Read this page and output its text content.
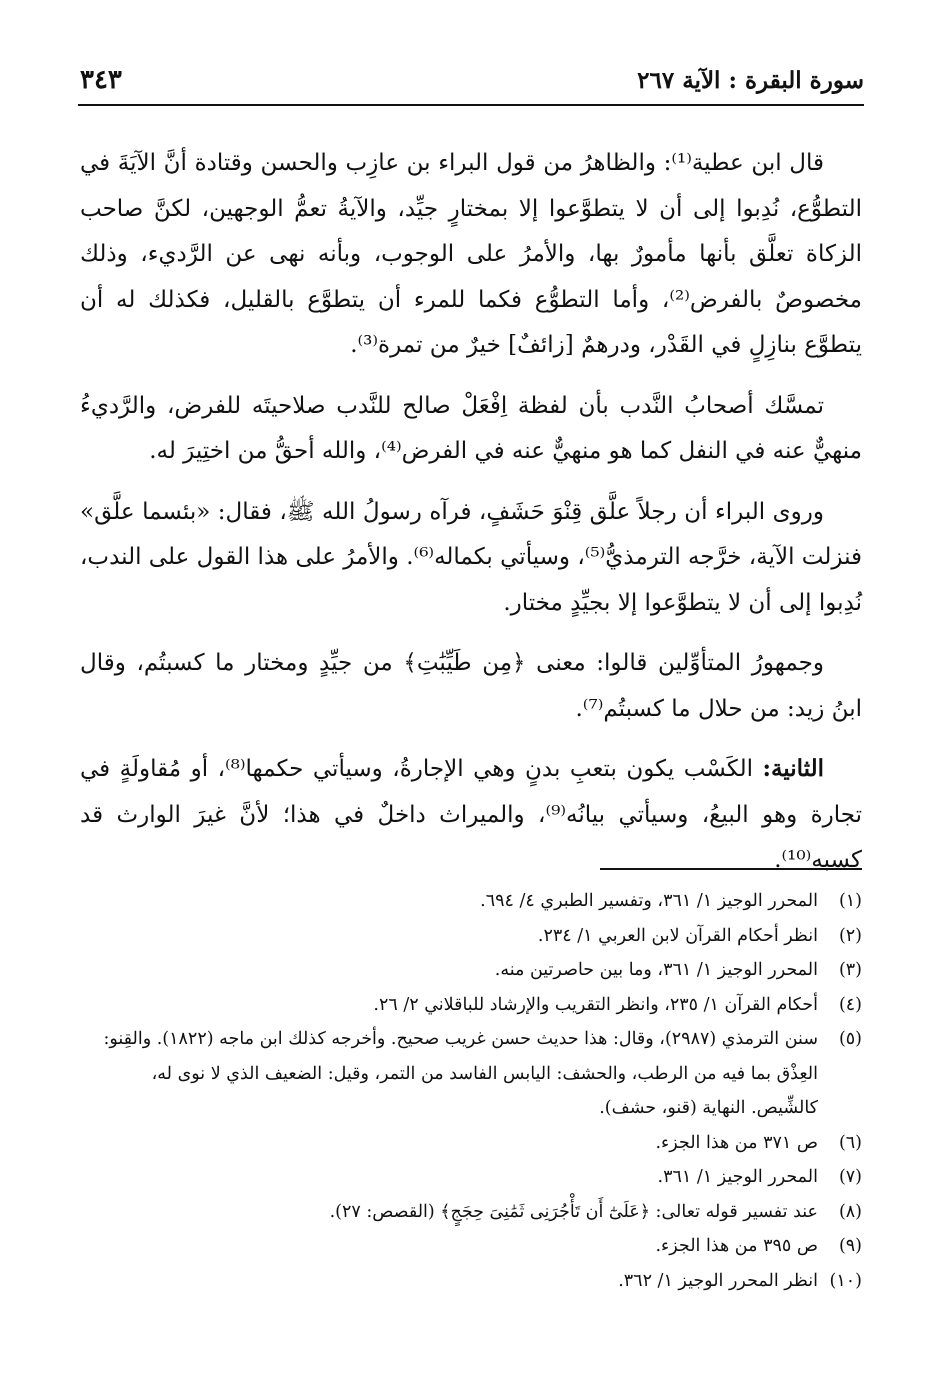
سورة البقرة : الآية ٢٦٧
٣٤٣

قال ابن عطية⁽¹⁾: والظاهرُ من قول البراء بن عازِب والحسن وقتادة أنَّ الآيَةَ في التطوُّع، نُدِبوا إلى أن لا يتطوَّعوا إلا بمختارٍ جيِّد، والآيةُ تعمُّ الوجهين، لكنَّ صاحب الزكاة تعلَّق بأنها مأمورٌ بها، والأمرُ على الوجوب، وبأنه نهى عن الرَّديء، وذلك مخصوصٌ بالفرض⁽²⁾، وأما التطوُّع فكما للمرء أن يتطوَّع بالقليل، فكذلك له أن يتطوَّع بنازِلٍ في القَدْر، ودرهمٌ [زائفٌ] خيرٌ من تمرة⁽³⁾.

تمسَّك أصحابُ النَّدب بأن لفظة اِفْعَلْ صالح للنَّدب صلاحيتَه للفرض، والرَّديءُ منهيٌّ عنه في النفل كما هو منهيٌّ عنه في الفرض⁽⁴⁾، والله أحقُّ من اختِيرَ له.

وروى البراء أن رجلاً علَّق قِنْوَ حَشَفٍ، فرآه رسولُ الله ﷺ، فقال: «بئسما علَّق» فنزلت الآية، خرَّجه الترمذيُّ⁽⁵⁾، وسيأتي بكماله⁽⁶⁾. والأمرُ على هذا القول على الندب، نُدِبوا إلى أن لا يتطوَّعوا إلا بجيِّدٍ مختار.

وجمهورُ المتأوِّلين قالوا: معنى ﴿مِن طَيِّبَٰتِ﴾ من جيِّدٍ ومختار ما كسبتُم، وقال ابنُ زيد: من حلال ما كسبتُم⁽⁷⁾.

الثانية: الكَسْب يكون بتعبِ بدنٍ وهي الإجارةُ، وسيأتي حكمها⁽⁸⁾، أو مُقاولَةٍ في تجارة وهو البيعُ، وسيأتي بيانُه⁽⁹⁾، والميراث داخلٌ في هذا؛ لأنَّ غيرَ الوارث قد كسبه⁽¹⁰⁾.

(١)
المحرر الوجيز ١/ ٣٦١، وتفسير الطبري ٤/ ٦٩٤.
(٢)
انظر أحكام القرآن لابن العربي ١/ ٢٣٤.
(٣)
المحرر الوجيز ١/ ٣٦١، وما بين حاصرتين منه.
(٤)
أحكام القرآن ١/ ٢٣٥، وانظر التقريب والإرشاد للباقلاني ٢/ ٢٦.
(٥)
سنن الترمذي (٢٩٨٧)، وقال: هذا حديث حسن غريب صحيح. وأخرجه كذلك ابن ماجه (١٨٢٢). والقِنو: العِذْق بما فيه من الرطب، والحشف: اليابس الفاسد من التمر، وقيل: الضعيف الذي لا نوى له، كالشِّيص. النهاية (قنو، حشف).
(٦)
ص ٣٧١ من هذا الجزء.
(٧)
المحرر الوجيز ١/ ٣٦١.
(٨)
عند تفسير قوله تعالى: ﴿عَلَىٰٓ أَن تَأْجُرَنِى ثَمَٰنِىَ حِجَجٍ﴾ (القصص: ٢٧).
(٩)
ص ٣٩٥ من هذا الجزء.
(١٠)
انظر المحرر الوجيز ١/ ٣٦٢.
